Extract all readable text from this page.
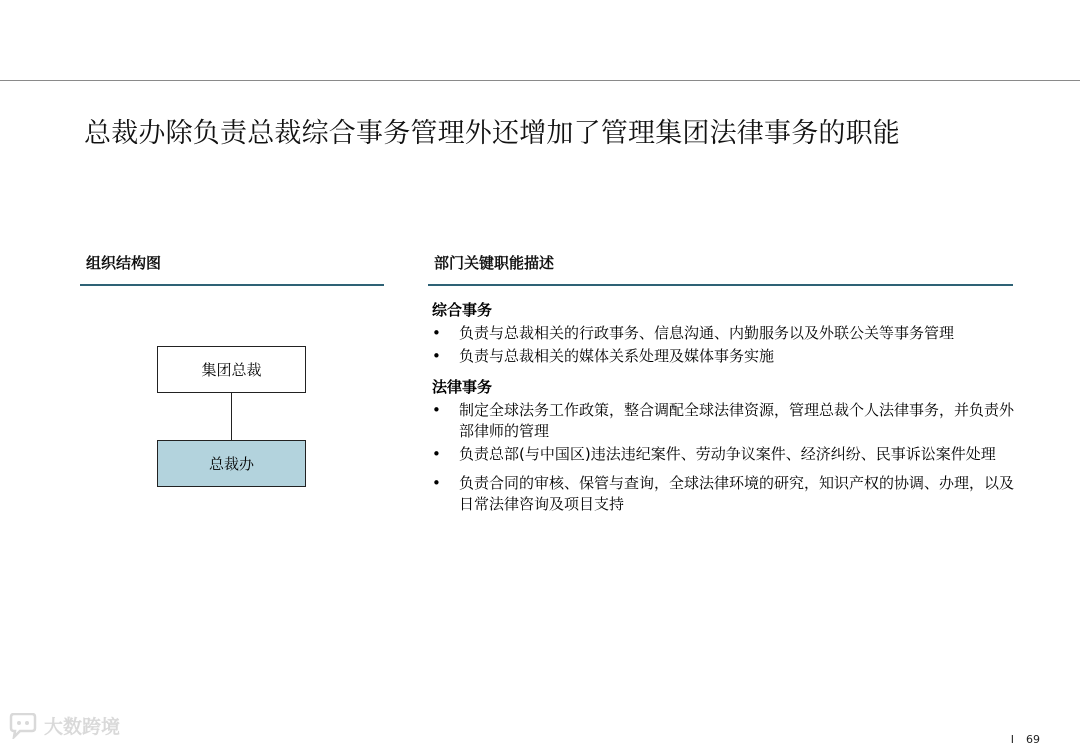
总裁办除负责总裁综合事务管理外还增加了管理集团法律事务的职能
组织结构图
集团总裁
总裁办
部门关键职能描述
综合事务
• 负责与总裁相关的行政事务、信息沟通、内勤服务以及外联公关等事务管理
• 负责与总裁相关的媒体关系处理及媒体事务实施
法律事务
• 制定全球法务工作政策，整合调配全球法律资源，管理总裁个人法律事务，并负责外部律师的管理
• 负责总部(与中国区)违法违纪案件、劳动争议案件、经济纠纷、民事诉讼案件处理
• 负责合同的审核、保管与查询，全球法律环境的研究，知识产权的协调、办理，以及日常法律咨询及项目支持
大数跨境
I 69
